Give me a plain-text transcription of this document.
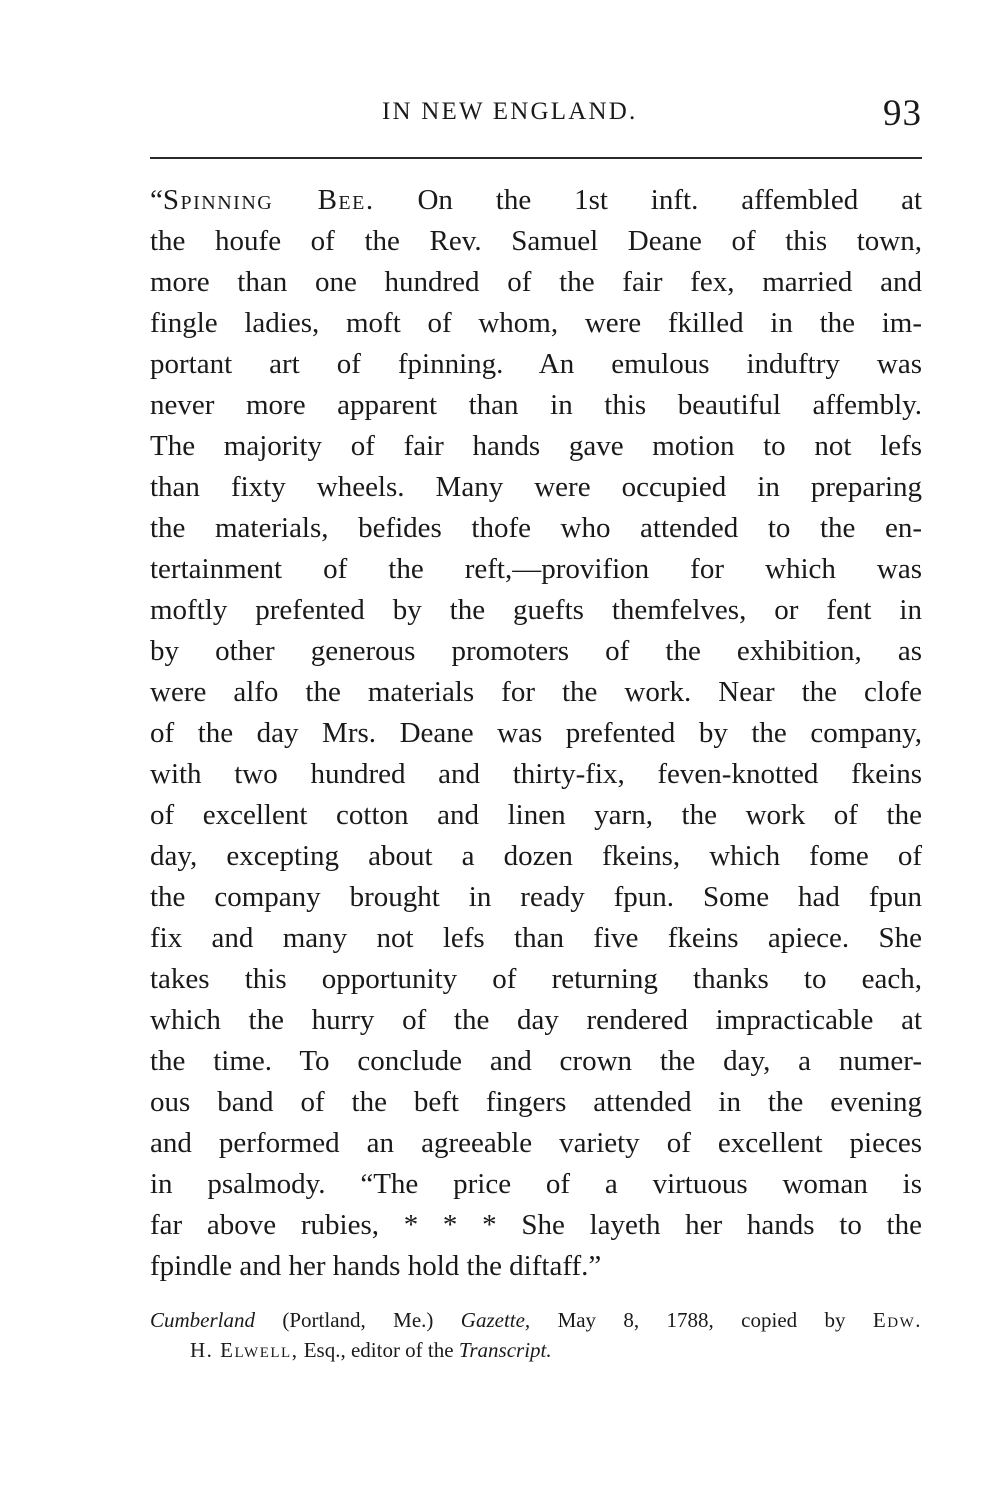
IN NEW ENGLAND.	93
“Spinning Bee. On the 1st inft. affembled at
the houfe of the Rev. Samuel Deane of this town,
more than one hundred of the fair fex, married and
fingle ladies, moft of whom, were fkilled in the im-
portant art of fpinning. An emulous induftry was
never more apparent than in this beautiful affembly.
The majority of fair hands gave motion to not lefs
than fixty wheels. Many were occupied in preparing
the materials, befides thofe who attended to the en-
tertainment of the reft,—provifion for which was
moftly prefented by the guefts themfelves, or fent in
by other generous promoters of the exhibition, as
were alfo the materials for the work. Near the clofe
of the day Mrs. Deane was prefented by the company,
with two hundred and thirty-fix, feven-knotted fkeins
of excellent cotton and linen yarn, the work of the
day, excepting about a dozen fkeins, which fome of
the company brought in ready fpun. Some had fpun
fix and many not lefs than five fkeins apiece. She
takes this opportunity of returning thanks to each,
which the hurry of the day rendered impracticable at
the time. To conclude and crown the day, a numer-
ous band of the beft fingers attended in the evening
and performed an agreeable variety of excellent pieces
in psalmody. “The price of a virtuous woman is
far above rubies, * * * She layeth her hands to the
fpindle and her hands hold the diftaff.”
Cumberland (Portland, Me.) Gazette, May 8, 1788, copied by Edw.
H. Elwell, Esq., editor of the Transcript.
